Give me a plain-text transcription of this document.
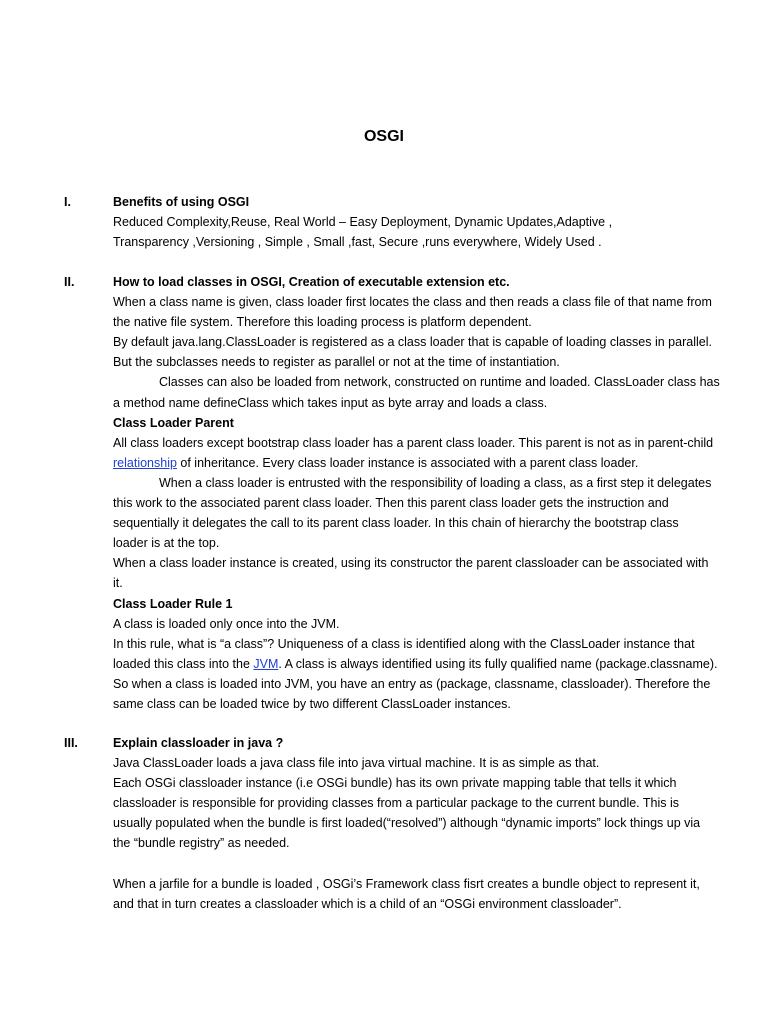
OSGI
I.	Benefits of using OSGI
Reduced Complexity,Reuse, Real World – Easy Deployment, Dynamic Updates,Adaptive ,
Transparency ,Versioning , Simple , Small ,fast, Secure ,runs everywhere, Widely Used .
II.	How to load classes in OSGI, Creation of executable extension etc.
When a class name is given, class loader first locates the class and then reads a class file of that name from
the native file system. Therefore this loading process is platform dependent.
By default java.lang.ClassLoader is registered as a class loader that is capable of loading classes in parallel.
But the subclasses needs to register as parallel or not at the time of instantiation.
Classes can also be loaded from network, constructed on runtime and loaded. ClassLoader class has
a method name defineClass which takes input as byte array and loads a class.
Class Loader Parent
All class loaders except bootstrap class loader has a parent class loader. This parent is not as in parent-child
relationship of inheritance. Every class loader instance is associated with a parent class loader.
When a class loader is entrusted with the responsibility of loading a class, as a first step it delegates
this work to the associated parent class loader. Then this parent class loader gets the instruction and
sequentially it delegates the call to its parent class loader. In this chain of hierarchy the bootstrap class
loader is at the top.
When a class loader instance is created, using its constructor the parent classloader can be associated with
it.
Class Loader Rule 1
A class is loaded only once into the JVM.
In this rule, what is “a class”? Uniqueness of a class is identified along with the ClassLoader instance that
loaded this class into the JVM. A class is always identified using its fully qualified name (package.classname).
So when a class is loaded into JVM, you have an entry as (package, classname, classloader). Therefore the
same class can be loaded twice by two different ClassLoader instances.
III.	Explain classloader in java ?
Java ClassLoader loads a java class file into java virtual machine. It is as simple as that.
Each OSGi classloader instance (i.e OSGi bundle) has its own private mapping table that tells it which
classloader is responsible for providing classes from a particular package to the current bundle. This is
usually populated when the bundle is first loaded(“resolved”) although “dynamic imports” lock things up via
the “bundle registry” as needed.
When a jarfile for a bundle is loaded , OSGi’s Framework class fisrt creates a bundle object to represent it,
and that in turn creates a classloader which is a child of an “OSGi environment classloader”.
